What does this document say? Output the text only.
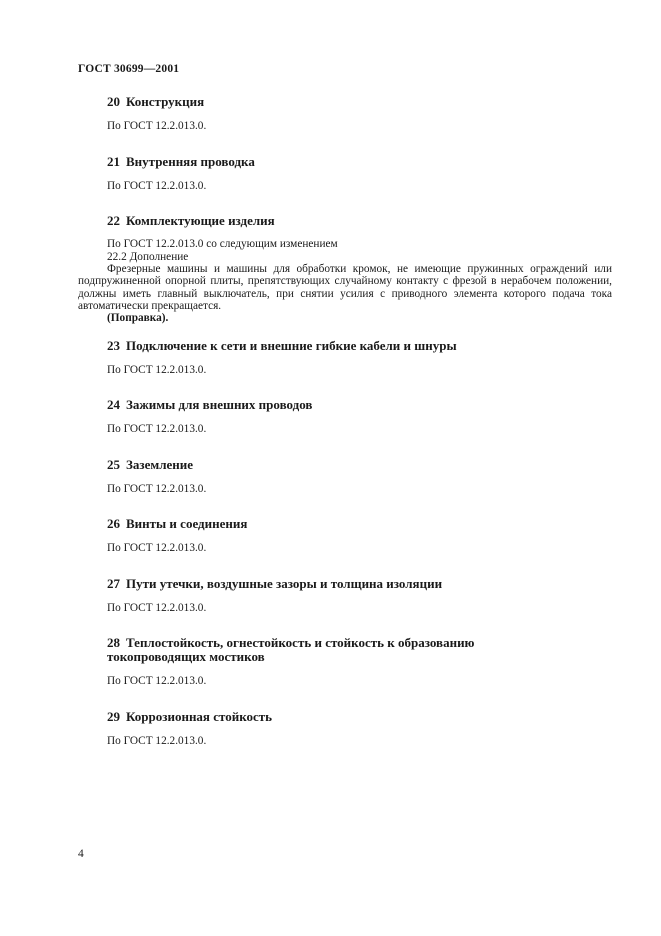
ГОСТ 30699—2001

20 Конструкция

По ГОСТ 12.2.013.0.

21 Внутренняя проводка

По ГОСТ 12.2.013.0.

22 Комплектующие изделия

По ГОСТ 12.2.013.0 со следующим изменением
22.2 Дополнение

Фрезерные машины и машины для обработки кромок, не имеющие пружинных ограждений или подпружиненной опорной плиты, препятствующих случайному контакту с фрезой в нерабочем положении, должны иметь главный выключатель, при снятии усилия с приводного элемента которого подача тока автоматически прекращается.

(Поправка).

23 Подключение к сети и внешние гибкие кабели и шнуры

По ГОСТ 12.2.013.0.

24 Зажимы для внешних проводов

По ГОСТ 12.2.013.0.

25 Заземление

По ГОСТ 12.2.013.0.

26 Винты и соединения

По ГОСТ 12.2.013.0.

27 Пути утечки, воздушные зазоры и толщина изоляции

По ГОСТ 12.2.013.0.

28 Теплостойкость, огнестойкость и стойкость к образованию

токопроводящих мостиков

По ГОСТ 12.2.013.0.

29 Коррозионная стойкость

По ГОСТ 12.2.013.0.
4
